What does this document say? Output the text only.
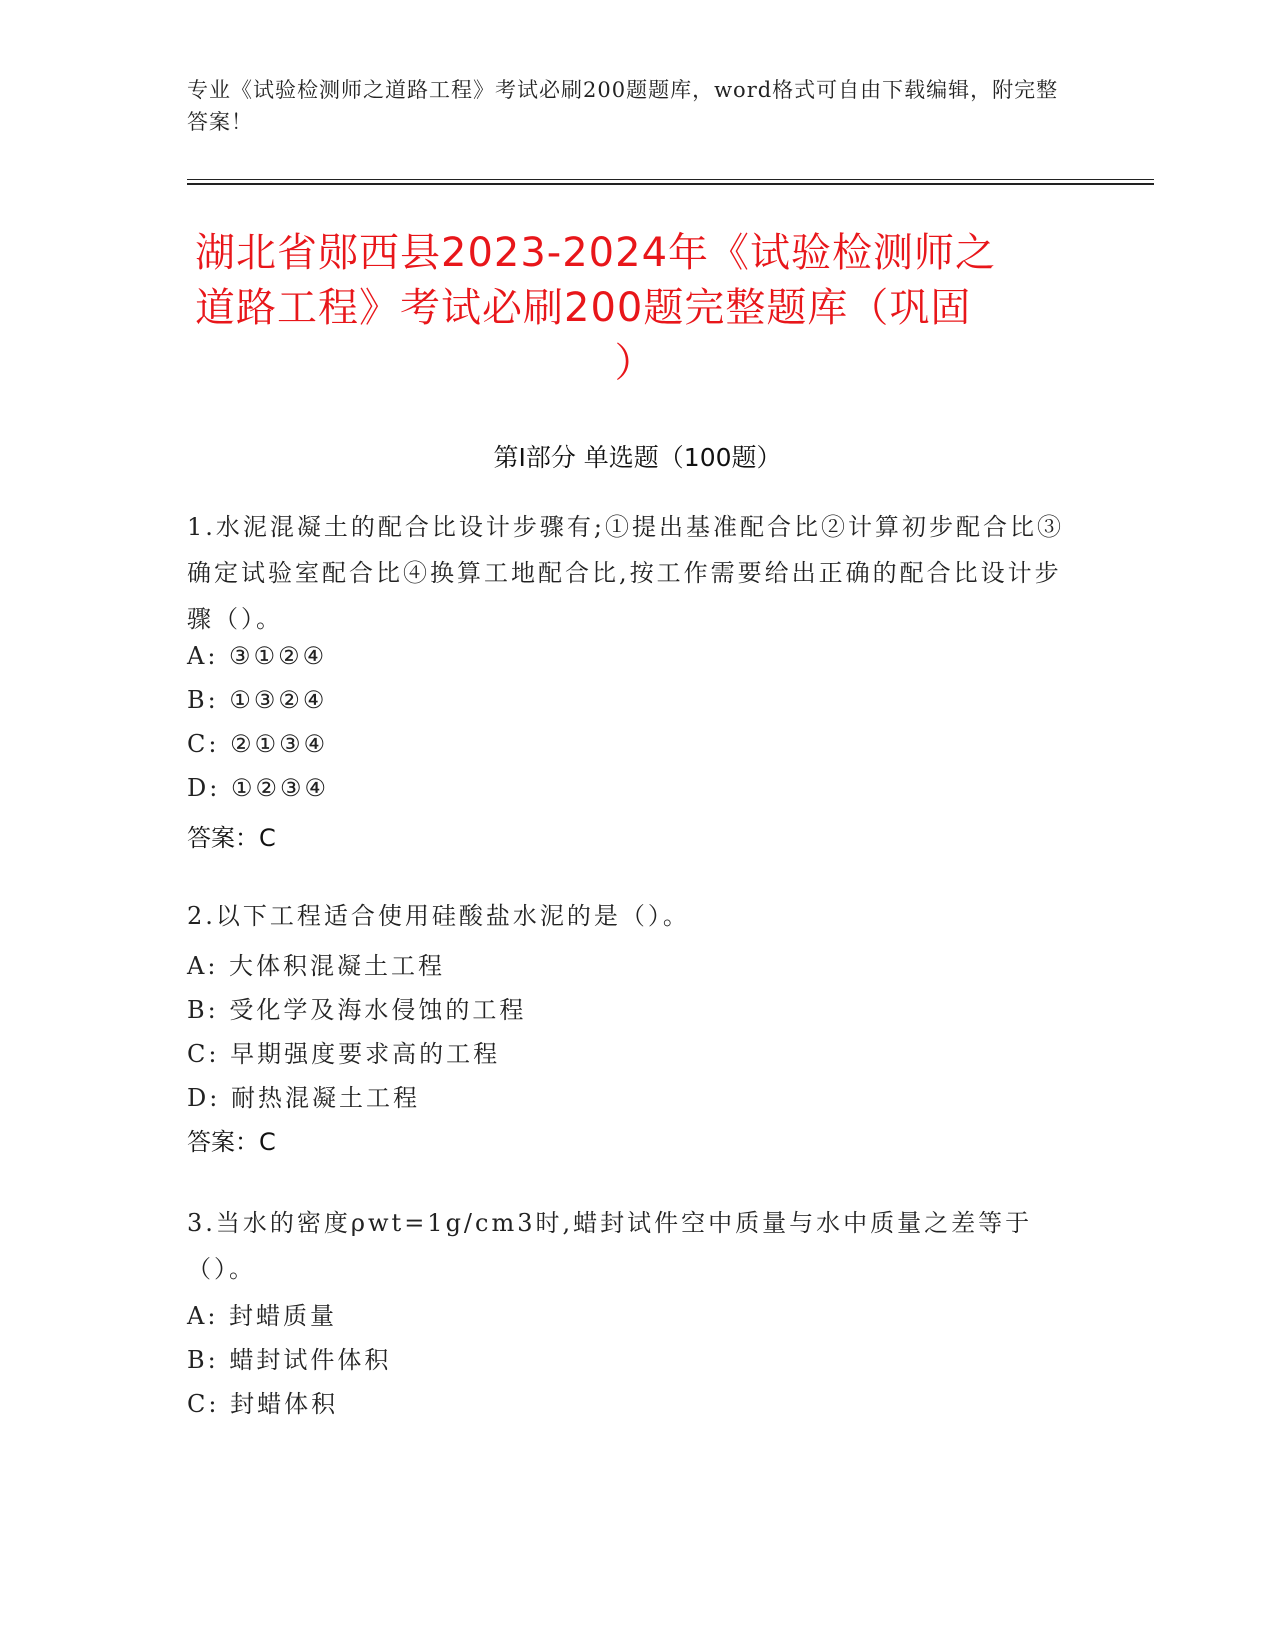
专业《试验检测师之道路工程》考试必刷200题题库，word格式可自由下载编辑，附完整答案！
湖北省郧西县2023-2024年《试验检测师之
道路工程》考试必刷200题完整题库（巩固
）
第Ⅰ部分 单选题（100题）
1.水泥混凝土的配合比设计步骤有;①提出基准配合比②计算初步配合比③确定试验室配合比④换算工地配合比,按工作需要给出正确的配合比设计步骤（）。
A: ③①②④
B: ①③②④
C: ②①③④
D: ①②③④
答案：C
2.以下工程适合使用硅酸盐水泥的是（）。
A: 大体积混凝土工程
B: 受化学及海水侵蚀的工程
C: 早期强度要求高的工程
D: 耐热混凝土工程
答案：C
3.当水的密度ρwt=1g/cm3时,蜡封试件空中质量与水中质量之差等于（）。
A: 封蜡质量
B: 蜡封试件体积
C: 封蜡体积
